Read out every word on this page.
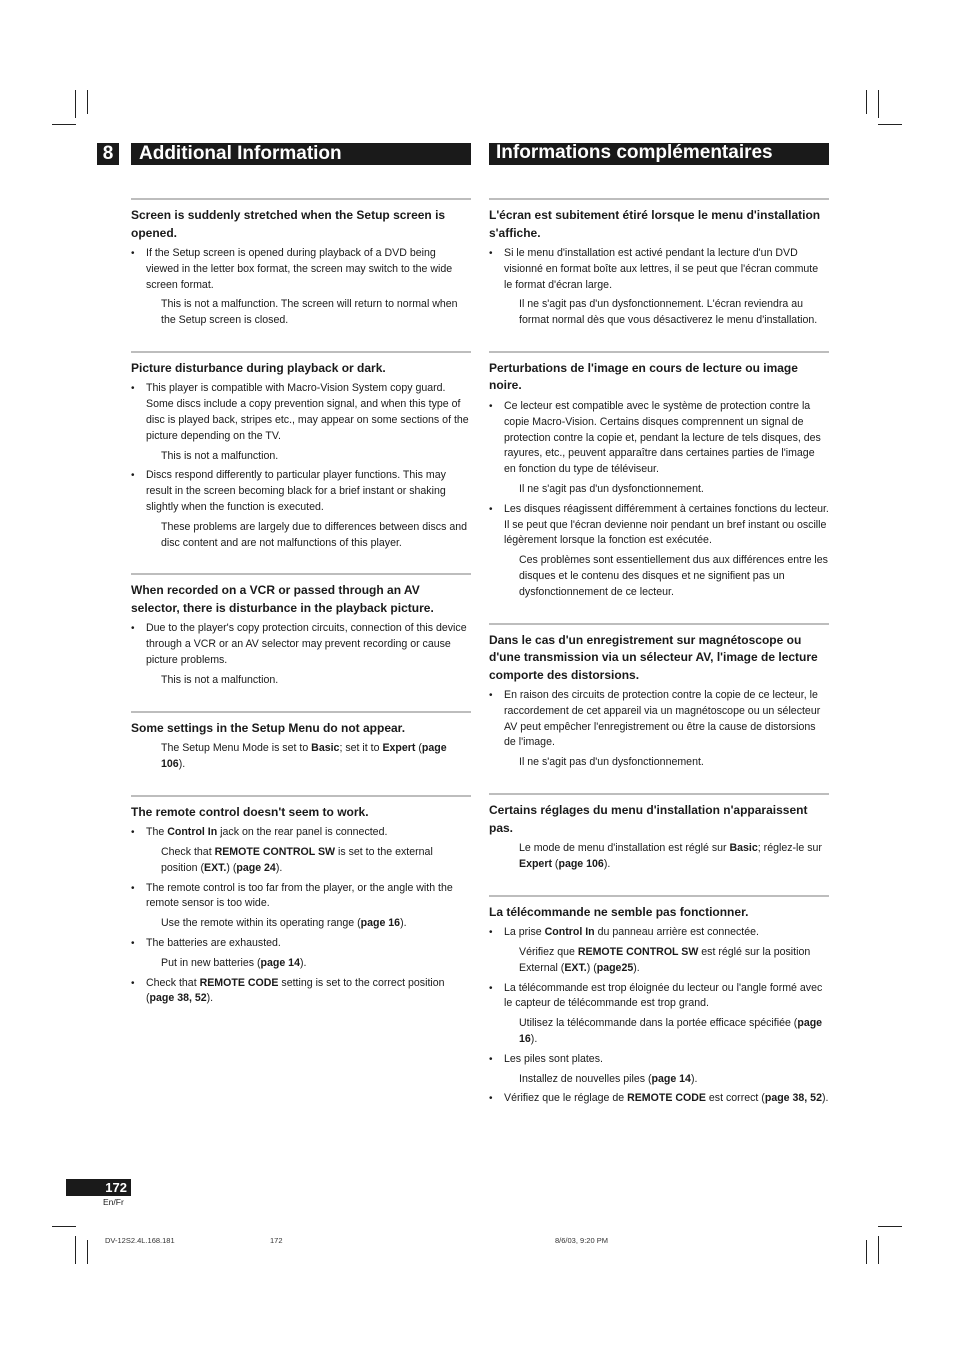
8	Additional Information	Informations complémentaires
Screen is suddenly stretched when the Setup screen is opened.
• If the Setup screen is opened during playback of a DVD being viewed in the letter box format, the screen may switch to the wide screen format.
This is not a malfunction. The screen will return to normal when the Setup screen is closed.
Picture disturbance during playback or dark.
• This player is compatible with Macro-Vision System copy guard. Some discs include a copy prevention signal, and when this type of disc is played back, stripes etc., may appear on some sections of the picture depending on the TV.
This is not a malfunction.
• Discs respond differently to particular player functions. This may result in the screen becoming black for a brief instant or shaking slightly when the function is executed.
These problems are largely due to differences between discs and disc content and are not malfunctions of this player.
When recorded on a VCR or passed through an AV selector, there is disturbance in the playback picture.
• Due to the player's copy protection circuits, connection of this device through a VCR or an AV selector may prevent recording or cause picture problems.
This is not a malfunction.
Some settings in the Setup Menu do not appear.
The Setup Menu Mode is set to Basic; set it to Expert (page 106).
The remote control doesn't seem to work.
• The Control In jack on the rear panel is connected.
Check that REMOTE CONTROL SW is set to the external position (EXT.) (page 24).
• The remote control is too far from the player, or the angle with the remote sensor is too wide.
Use the remote within its operating range (page 16).
• The batteries are exhausted.
Put in new batteries (page 14).
• Check that REMOTE CODE setting is set to the correct position (page 38, 52).
L'écran est subitement étiré lorsque le menu d'installation s'affiche.
• Si le menu d'installation est activé pendant la lecture d'un DVD visionné en format boîte aux lettres, il se peut que l'écran commute le format d'écran large.
Il ne s'agit pas d'un dysfonctionnement. L'écran reviendra au format normal dès que vous désactiverez le menu d'installation.
Perturbations de l'image en cours de lecture ou image noire.
• Ce lecteur est compatible avec le système de protection contre la copie Macro-Vision. Certains disques comprennent un signal de protection contre la copie et, pendant la lecture de tels disques, des rayures, etc., peuvent apparaître dans certaines parties de l'image en fonction du type de téléviseur.
Il ne s'agit pas d'un dysfonctionnement.
• Les disques réagissent différemment à certaines fonctions du lecteur. Il se peut que l'écran devienne noir pendant un bref instant ou oscille légèrement lorsque la fonction est exécutée.
Ces problèmes sont essentiellement dus aux différences entre les disques et le contenu des disques et ne signifient pas un dysfonctionnement de ce lecteur.
Dans le cas d'un enregistrement sur magnétoscope ou d'une transmission via un sélecteur AV, l'image de lecture comporte des distorsions.
• En raison des circuits de protection contre la copie de ce lecteur, le raccordement de cet appareil via un magnétoscope ou un sélecteur AV peut empêcher l'enregistrement ou être la cause de distorsions de l'image.
Il ne s'agit pas d'un dysfonctionnement.
Certains réglages du menu d'installation n'apparaissent pas.
Le mode de menu d'installation est réglé sur Basic; réglez-le sur Expert (page 106).
La télécommande ne semble pas fonctionner.
• La prise Control In du panneau arrière est connectée.
Vérifiez que REMOTE CONTROL SW est réglé sur la position External (EXT.) (page25).
• La télécommande est trop éloignée du lecteur ou l'angle formé avec le capteur de télécommande est trop grand.
Utilisez la télécommande dans la portée efficace spécifiée (page 16).
• Les piles sont plates.
Installez de nouvelles piles (page 14).
• Vérifiez que le réglage de REMOTE CODE est correct (page 38, 52).
172
En/Fr
DV-12S2.4L.168.181	172	8/6/03, 9:20 PM
